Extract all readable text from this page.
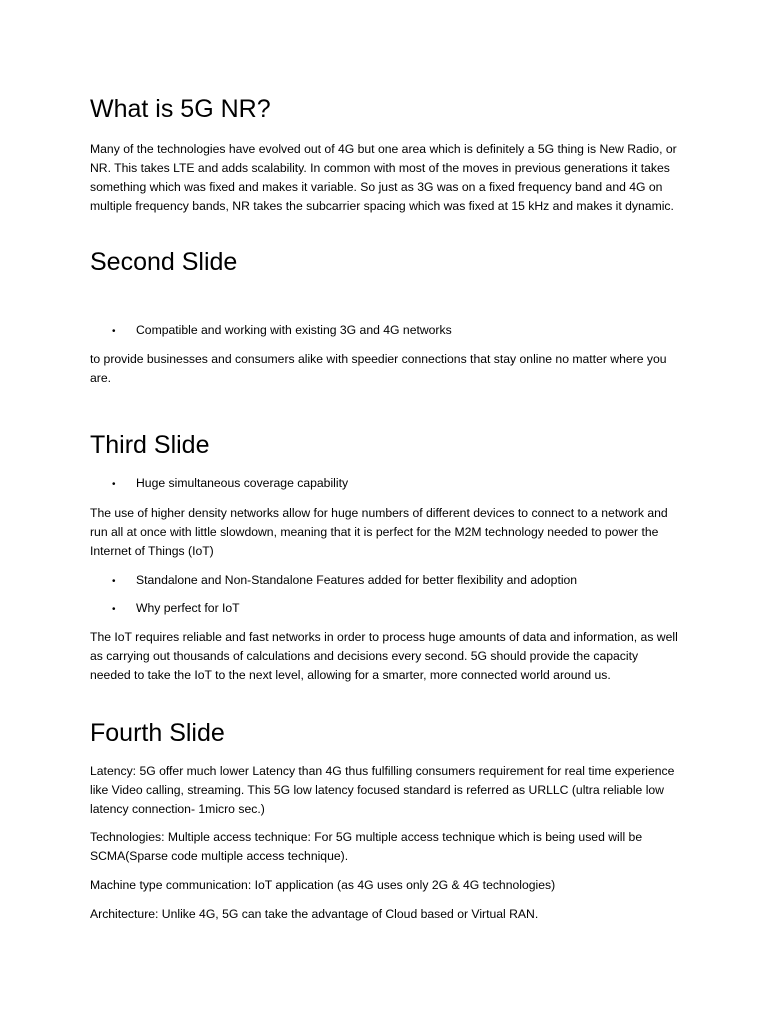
What is 5G NR?

Many of the technologies have evolved out of 4G but one area which is definitely a 5G thing is New Radio, or NR. This takes LTE and adds scalability. In common with most of the moves in previous generations it takes something which was fixed and makes it variable. So just as 3G was on a fixed frequency band and 4G on multiple frequency bands, NR takes the subcarrier spacing which was fixed at 15 kHz and makes it dynamic.

Second Slide
• Compatible and working with existing 3G and 4G networks

to provide businesses and consumers alike with speedier connections that stay online no matter where you are.

Third Slide
• Huge simultaneous coverage capability

The use of higher density networks allow for huge numbers of different devices to connect to a network and run all at once with little slowdown, meaning that it is perfect for the M2M technology needed to power the Internet of Things (IoT)

• Standalone and Non-Standalone Features added for better flexibility and adoption
• Why perfect for IoT

The IoT requires reliable and fast networks in order to process huge amounts of data and information, as well as carrying out thousands of calculations and decisions every second. 5G should provide the capacity needed to take the IoT to the next level, allowing for a smarter, more connected world around us.

Fourth Slide

Latency: 5G offer much lower Latency than 4G thus fulfilling consumers requirement for real time experience like Video calling, streaming. This 5G low latency focused standard is referred as URLLC (ultra reliable low latency connection- 1micro sec.)

Technologies: Multiple access technique: For 5G multiple access technique which is being used will be SCMA(Sparse code multiple access technique).

Machine type communication: IoT application (as 4G uses only 2G & 4G technologies)

Architecture: Unlike 4G, 5G can take the advantage of Cloud based or Virtual RAN.
